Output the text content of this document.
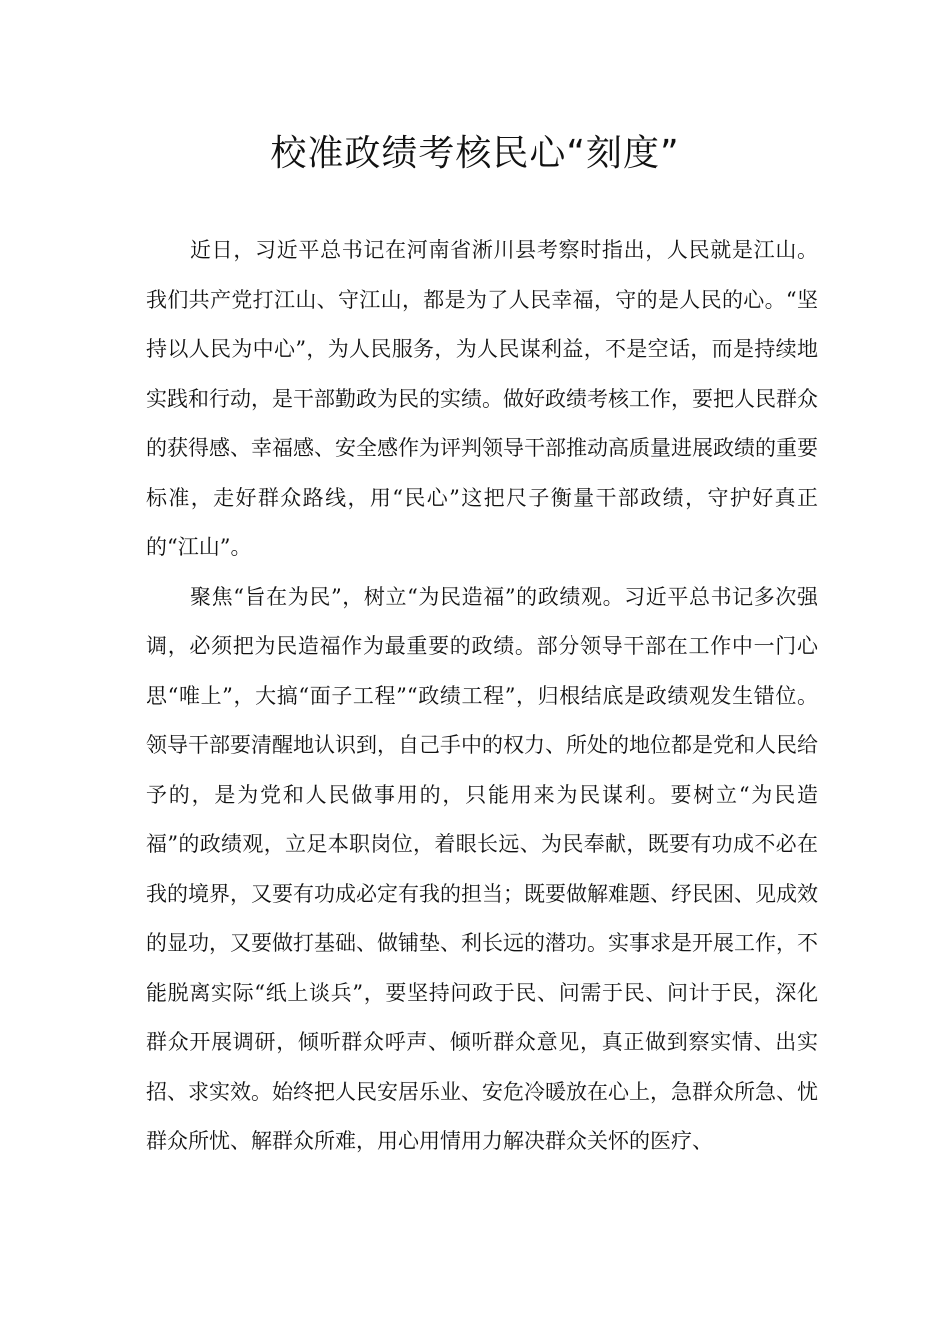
校准政绩考核民心“刻度”

近日，习近平总书记在河南省淅川县考察时指出，人民就是江山。我们共产党打江山、守江山，都是为了人民幸福，守的是人民的心。“坚持以人民为中心”，为人民服务，为人民谋利益，不是空话，而是持续地实践和行动，是干部勤政为民的实绩。做好政绩考核工作，要把人民群众的获得感、幸福感、安全感作为评判领导干部推动高质量进展政绩的重要标准，走好群众路线，用“民心”这把尺子衡量干部政绩，守护好真正的“江山”。

聚焦“旨在为民”，树立“为民造福”的政绩观。习近平总书记多次强调，必须把为民造福作为最重要的政绩。部分领导干部在工作中一门心思“唯上”，大搞“面子工程”“政绩工程”，归根结底是政绩观发生错位。领导干部要清醒地认识到，自己手中的权力、所处的地位都是党和人民给予的，是为党和人民做事用的，只能用来为民谋利。要树立“为民造福”的政绩观，立足本职岗位，着眼长远、为民奉献，既要有功成不必在我的境界，又要有功成必定有我的担当；既要做解难题、纾民困、见成效的显功，又要做打基础、做铺垫、利长远的潜功。实事求是开展工作，不能脱离实际“纸上谈兵”，要坚持问政于民、问需于民、问计于民，深化群众开展调研，倾听群众呼声、倾听群众意见，真正做到察实情、出实招、求实效。始终把人民安居乐业、安危冷暖放在心上，急群众所急、忧群众所忧、解群众所难，用心用情用力解决群众关怀的医疗、
